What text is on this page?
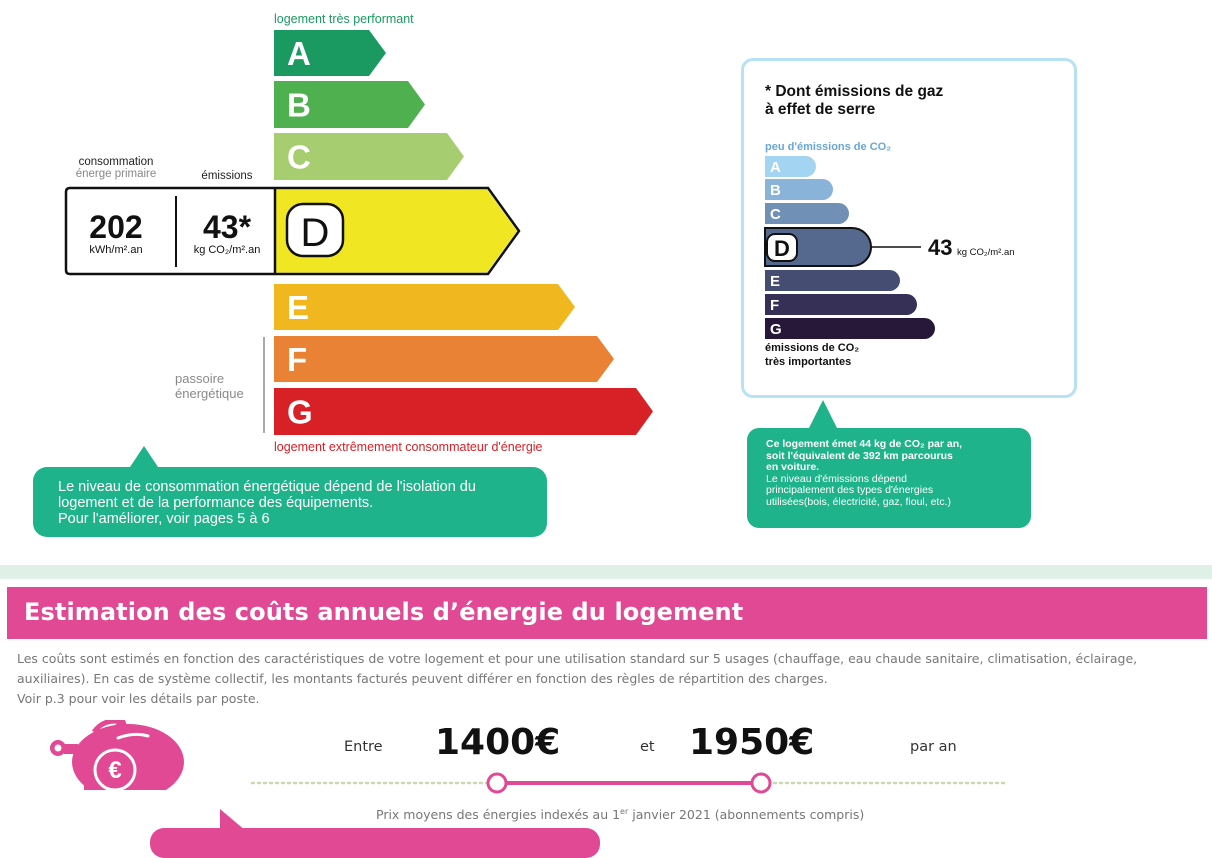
logement très performant
A
B
C
E
F
G
passoire
énergétique
consommation
énerge primaire	émissions
202
kWh/m².an
43*
kg CO₂/m².an D
logement extrêmement consommateur d'énergie

Le niveau de consommation énergétique dépend de l'isolation du

logement et de la performance des équipements.

Pour l'améliorer, voir pages 5 à 6

* Dont émissions de gaz
à effet de serre
peu d'émissions de CO₂
A
B
C
D
E
F
G
43 kg CO₂/m².an
émissions de CO₂
très importantes

Ce logement émet 44 kg de CO₂ par an,

soit l'équivalent de 392 km parcourus

en voiture.

Le niveau d'émissions dépend

principalement des types d'énergies

utilisées(bois, électricité, gaz, fioul, etc.)

Estimation des coûts annuels d’énergie du logement

Les coûts sont estimés en fonction des caractéristiques de votre logement et pour une utilisation standard sur 5 usages (chauffage, eau chaude sanitaire, climatisation, éclairage,

auxiliaires). En cas de système collectif, les montants facturés peuvent différer en fonction des règles de répartition des charges.

Voir p.3 pour voir les détails par poste.

€
Entre 1400€	et 1950€	par an
Prix moyens des énergies indexés au 1er janvier 2021 (abonnements compris)
